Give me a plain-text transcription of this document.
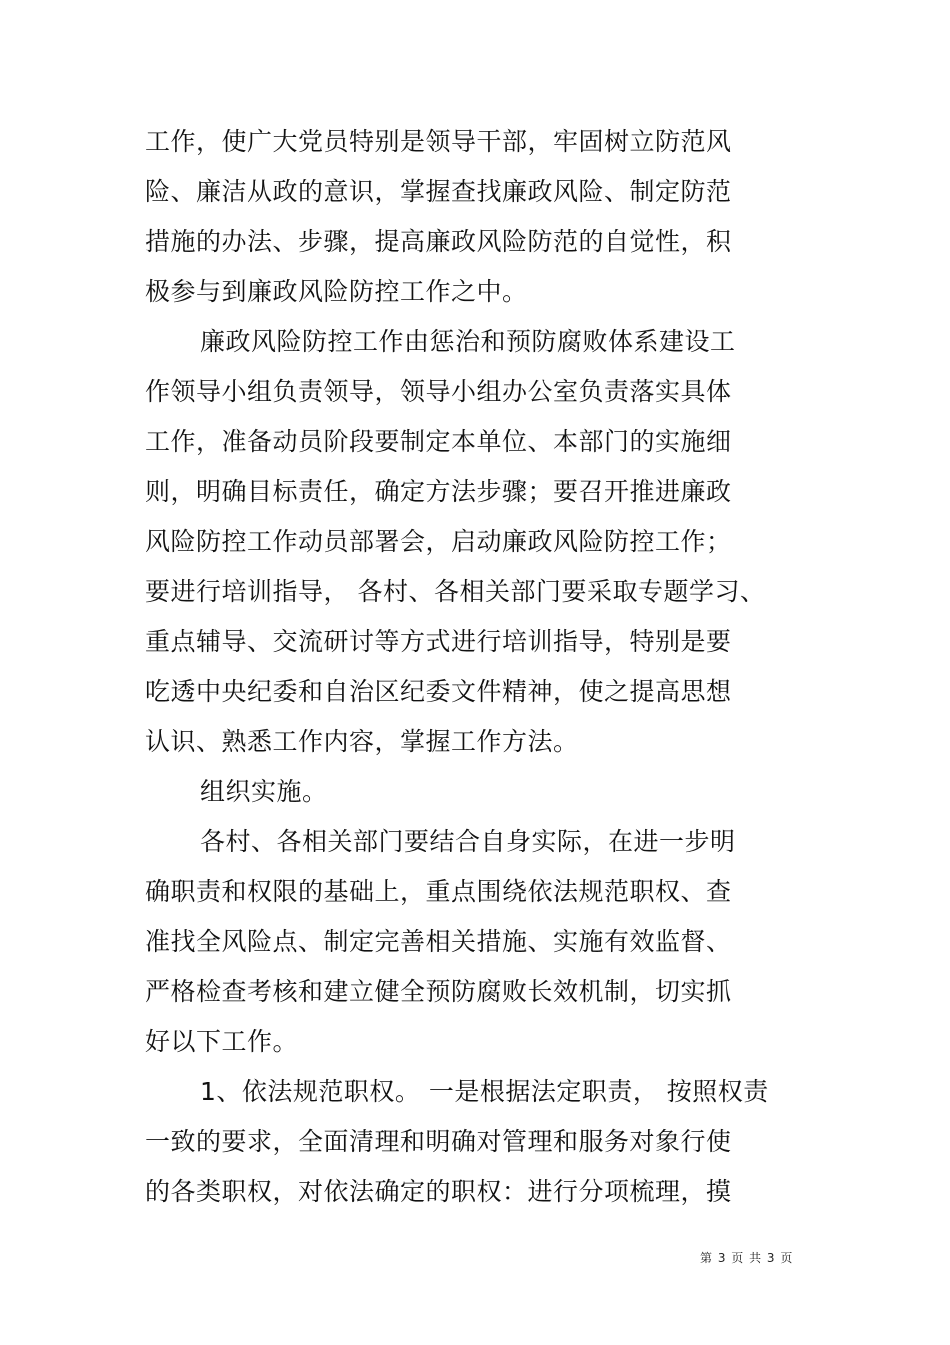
工作，使广大党员特别是领导干部，牢固树立防范风
险、廉洁从政的意识，掌握查找廉政风险、制定防范
措施的办法、步骤，提高廉政风险防范的自觉性，积
极参与到廉政风险防控工作之中。
廉政风险防控工作由惩治和预防腐败体系建设工
作领导小组负责领导，领导小组办公室负责落实具体
工作，准备动员阶段要制定本单位、本部门的实施细
则，明确目标责任，确定方法步骤；要召开推进廉政
风险防控工作动员部署会，启动廉政风险防控工作；
要进行培训指导， 各村、各相关部门要采取专题学习、
重点辅导、交流研讨等方式进行培训指导，特别是要
吃透中央纪委和自治区纪委文件精神，使之提高思想
认识、熟悉工作内容，掌握工作方法。
组织实施。
各村、各相关部门要结合自身实际，在进一步明
确职责和权限的基础上，重点围绕依法规范职权、查
准找全风险点、制定完善相关措施、实施有效监督、
严格检查考核和建立健全预防腐败长效机制，切实抓
好以下工作。
1、依法规范职权。 一是根据法定职责， 按照权责
一致的要求，全面清理和明确对管理和服务对象行使
的各类职权，对依法确定的职权：进行分项梳理，摸
第 3 页 共 3 页
